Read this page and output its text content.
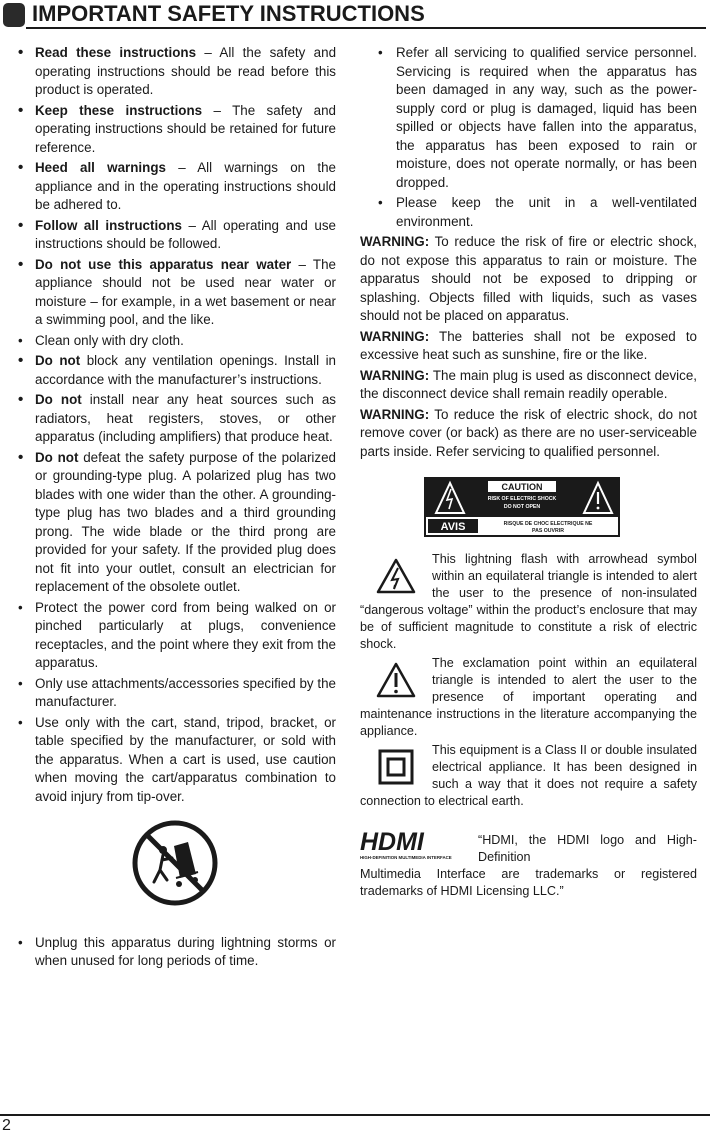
IMPORTANT SAFETY INSTRUCTIONS
• Read these instructions – All the safety and operating instructions should be read before this product is operated.
• Keep these instructions – The safety and operating instructions should be retained for future reference.
• Heed all warnings – All warnings on the appliance and in the operating instructions should be adhered to.
• Follow all instructions – All operating and use instructions should be followed.
• Do not use this apparatus near water – The appliance should not be used near water or moisture – for example, in a wet basement or near a swimming pool, and the like.
• Clean only with dry cloth.
• Do not block any ventilation openings. Install in accordance with the manufacturer’s instructions.
• Do not install near any heat sources such as radiators, heat registers, stoves, or other apparatus (including amplifiers) that produce heat.
• Do not defeat the safety purpose of the polarized or grounding-type plug. A polarized plug has two blades with one wider than the other. A grounding-type plug has two blades and a third grounding prong. The wide blade or the third prong are provided for your safety. If the provided plug does not fit into your outlet, consult an electrician for replacement of the obsolete outlet.
• Protect the power cord from being walked on or pinched particularly at plugs, convenience receptacles, and the point where they exit from the apparatus.
• Only use attachments/accessories specified by the manufacturer.
• Use only with the cart, stand, tripod, bracket, or table specified by the manufacturer, or sold with the apparatus. When a cart is used, use caution when moving the cart/apparatus combination to avoid injury from tip-over.
• Unplug this apparatus during lightning storms or when unused for long periods of time.
• Refer all servicing to qualified service personnel. Servicing is required when the apparatus has been damaged in any way, such as the power-supply cord or plug is damaged, liquid has been spilled or objects have fallen into the apparatus, the apparatus has been exposed to rain or moisture, does not operate normally, or has been dropped.
• Please keep the unit in a well-ventilated environment.

WARNING: To reduce the risk of fire or electric shock, do not expose this apparatus to rain or moisture. The apparatus should not be exposed to dripping or splashing. Objects filled with liquids, such as vases should not be placed on apparatus.

WARNING: The batteries shall not be exposed to excessive heat such as sunshine, fire or the like.

WARNING: The main plug is used as disconnect device, the disconnect device shall remain readily operable.

WARNING: To reduce the risk of electric shock, do not remove cover (or back) as there are no user-serviceable parts inside. Refer servicing to qualified personnel.

CAUTION
RISK OF ELECTRIC SHOCK
DO NOT OPEN
AVIS	RISQUE DE CHOC ELECTRIQUE NE
PAS OUVRIR

This lightning flash with arrowhead symbol within an equilateral triangle is intended to alert the user to the presence of non-insulated “dangerous voltage” within the product’s enclosure that may be of sufficient magnitude to constitute a risk of electric shock.

The exclamation point within an equilateral triangle is intended to alert the user to the presence of important operating and maintenance instructions in the literature accompanying the appliance.

This equipment is a Class II or double insulated electrical appliance. It has been designed in such a way that it does not require a safety connection to electrical earth.

HDMI
HIGH-DEFINITION MULTIMEDIA INTERFACE
“HDMI, the HDMI logo and High-Definition

Multimedia Interface are trademarks or registered trademarks of HDMI Licensing LLC.”

2
